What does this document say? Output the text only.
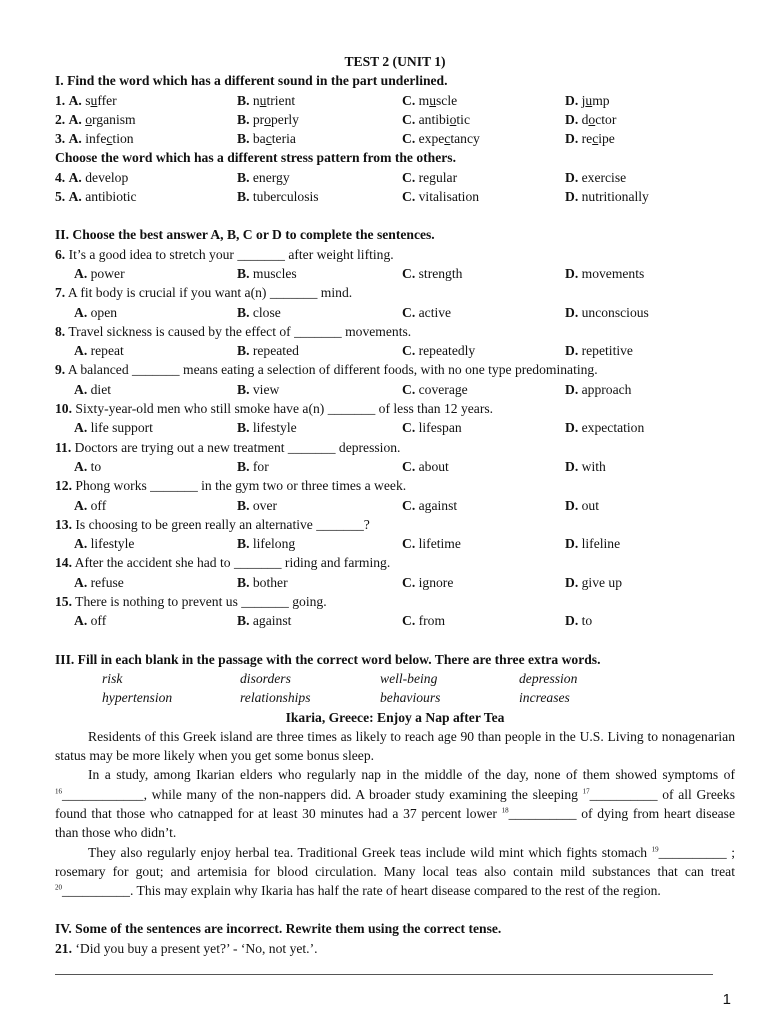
TEST 2 (UNIT 1)

I. Find the word which has a different sound in the part underlined.

1. A. suffer	B. nutrient	C. muscle	D. jump
2. A. organism	B. properly	C. antibiotic	D. doctor
3. A. infection	B. bacteria	C. expectancy	D. recipe

Choose the word which has a different stress pattern from the others.

4. A. develop	B. energy	C. regular	D. exercise
5. A. antibiotic	B. tuberculosis	C. vitalisation	D. nutritionally

II. Choose the best answer A, B, C or D to complete the sentences.

6. It’s a good idea to stretch your _______ after weight lifting.

A. power	B. muscles	C. strength	D. movements

7. A fit body is crucial if you want a(n) _______ mind.

A. open	B. close	C. active	D. unconscious

8. Travel sickness is caused by the effect of _______ movements.

A. repeat	B. repeated	C. repeatedly	D. repetitive

9. A balanced _______ means eating a selection of different foods, with no one type predominating.

A. diet	B. view	C. coverage	D. approach

10. Sixty-year-old men who still smoke have a(n) _______ of less than 12 years.

A. life support	B. lifestyle	C. lifespan	D. expectation

11. Doctors are trying out a new treatment _______ depression.

A. to	B. for	C. about	D. with

12. Phong works _______ in the gym two or three times a week.

A. off	B. over	C. against	D. out

13. Is choosing to be green really an alternative _______?

A. lifestyle	B. lifelong	C. lifetime	D. lifeline

14. After the accident she had to _______ riding and farming.

A. refuse	B. bother	C. ignore	D. give up

15. There is nothing to prevent us _______ going.

A. off	B. against	C. from	D. to

III. Fill in each blank in the passage with the correct word below. There are three extra words.

risk	disorders	well-being	depression
hypertension	relationships	behaviours	increases

Ikaria, Greece: Enjoy a Nap after Tea

Residents of this Greek island are three times as likely to reach age 90 than people in the U.S. Living to nonagenarian status may be more likely when you get some bonus sleep.

In a study, among Ikarian elders who regularly nap in the middle of the day, none of them showed symptoms of $^{16}$____________, while many of the non-nappers did. A broader study examining the sleeping $^{17}$__________ of all Greeks found that those who catnapped for at least 30 minutes had a 37 percent lower $^{18}$__________ of dying from heart disease than those who didn’t.

They also regularly enjoy herbal tea. Traditional Greek teas include wild mint which fights stomach $^{19}$__________ ; rosemary for gout; and artemisia for blood circulation. Many local teas also contain mild substances that can treat $^{20}$__________. This may explain why Ikaria has half the rate of heart disease compared to the rest of the region.

IV. Some of the sentences are incorrect. Rewrite them using the correct tense.

21. ‘Did you buy a present yet?’ - ‘No, not yet.’.

1
